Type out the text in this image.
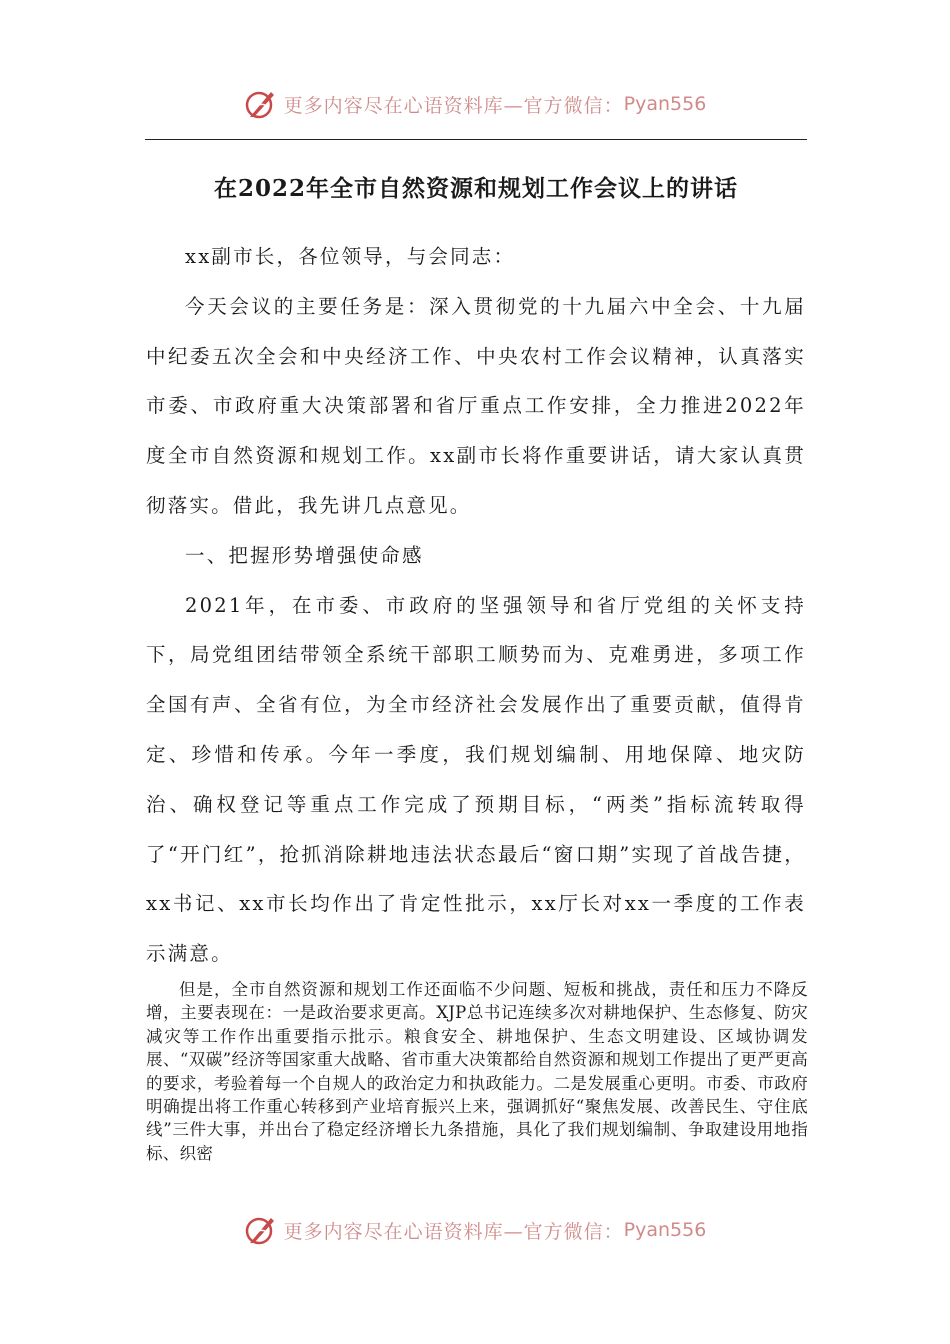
更多内容尽在心语资料库—官方微信： Pyan556
在2022年全市自然资源和规划工作会议上的讲话

xx副市长，各位领导，与会同志：

今天会议的主要任务是：深入贯彻党的十九届六中全会、十九届中纪委五次全会和中央经济工作、中央农村工作会议精神，认真落实市委、市政府重大决策部署和省厅重点工作安排，全力推进2022年度全市自然资源和规划工作。xx副市长将作重要讲话，请大家认真贯彻落实。借此，我先讲几点意见。

一、把握形势增强使命感

2021年，在市委、市政府的坚强领导和省厅党组的关怀支持下，局党组团结带领全系统干部职工顺势而为、克难勇进，多项工作全国有声、全省有位，为全市经济社会发展作出了重要贡献，值得肯定、珍惜和传承。今年一季度，我们规划编制、用地保障、地灾防治、确权登记等重点工作完成了预期目标，“两类”指标流转取得了“开门红”，抢抓消除耕地违法状态最后“窗口期”实现了首战告捷，xx书记、xx市长均作出了肯定性批示，xx厅长对xx一季度的工作表示满意。

但是，全市自然资源和规划工作还面临不少问题、短板和挑战，责任和压力不降反增，主要表现在：一是政治要求更高。XJP总书记连续多次对耕地保护、生态修复、防灾减灾等工作作出重要指示批示。粮食安全、耕地保护、生态文明建设、区域协调发展、“双碳”经济等国家重大战略、省市重大决策都给自然资源和规划工作提出了更严更高的要求，考验着每一个自规人的政治定力和执政能力。二是发展重心更明。市委、市政府明确提出将工作重心转移到产业培育振兴上来，强调抓好“聚焦发展、改善民生、守住底线”三件大事，并出台了稳定经济增长九条措施，具化了我们规划编制、争取建设用地指标、织密

更多内容尽在心语资料库—官方微信： Pyan556
